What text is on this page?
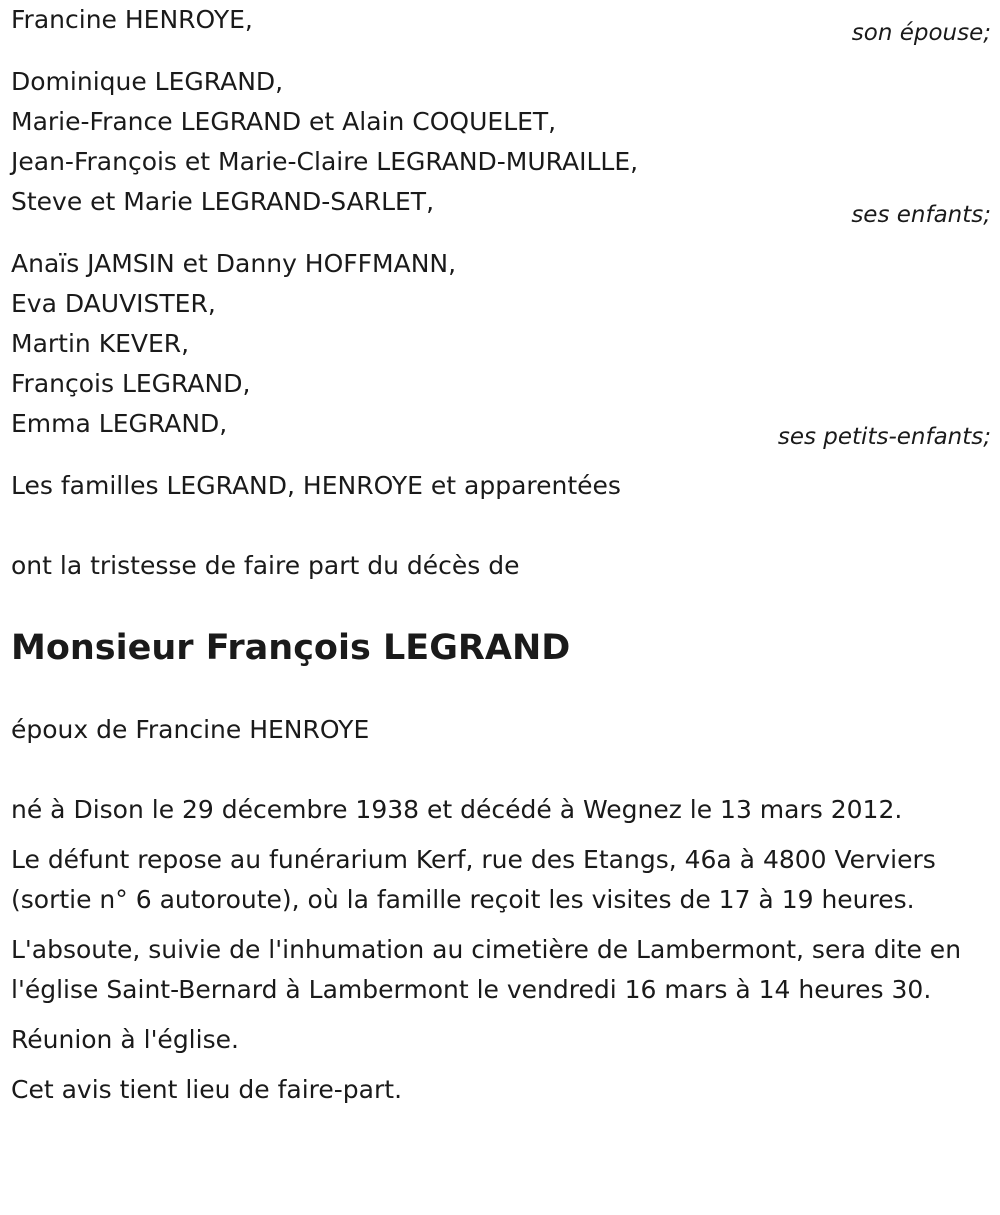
Francine HENROYE,	son épouse;
Dominique LEGRAND,
Marie-France LEGRAND et Alain COQUELET,
Jean-François et Marie-Claire LEGRAND-MURAILLE,
Steve et Marie LEGRAND-SARLET,	ses enfants;
Anaïs JAMSIN et Danny HOFFMANN,
Eva DAUVISTER,
Martin KEVER,
François LEGRAND,
Emma LEGRAND,	ses petits-enfants;
Les familles LEGRAND, HENROYE et apparentées
ont la tristesse de faire part du décès de
Monsieur François LEGRAND
époux de Francine HENROYE

né à Dison le 29 décembre 1938 et décédé à Wegnez le 13 mars 2012.

Le défunt repose au funérarium Kerf, rue des Etangs, 46a à 4800 Verviers (sortie n° 6 autoroute), où la famille reçoit les visites de 17 à 19 heures.

L'absoute, suivie de l'inhumation au cimetière de Lambermont, sera dite en l'église Saint-Bernard à Lambermont le vendredi 16 mars à 14 heures 30.

Réunion à l'église.

Cet avis tient lieu de faire-part.
